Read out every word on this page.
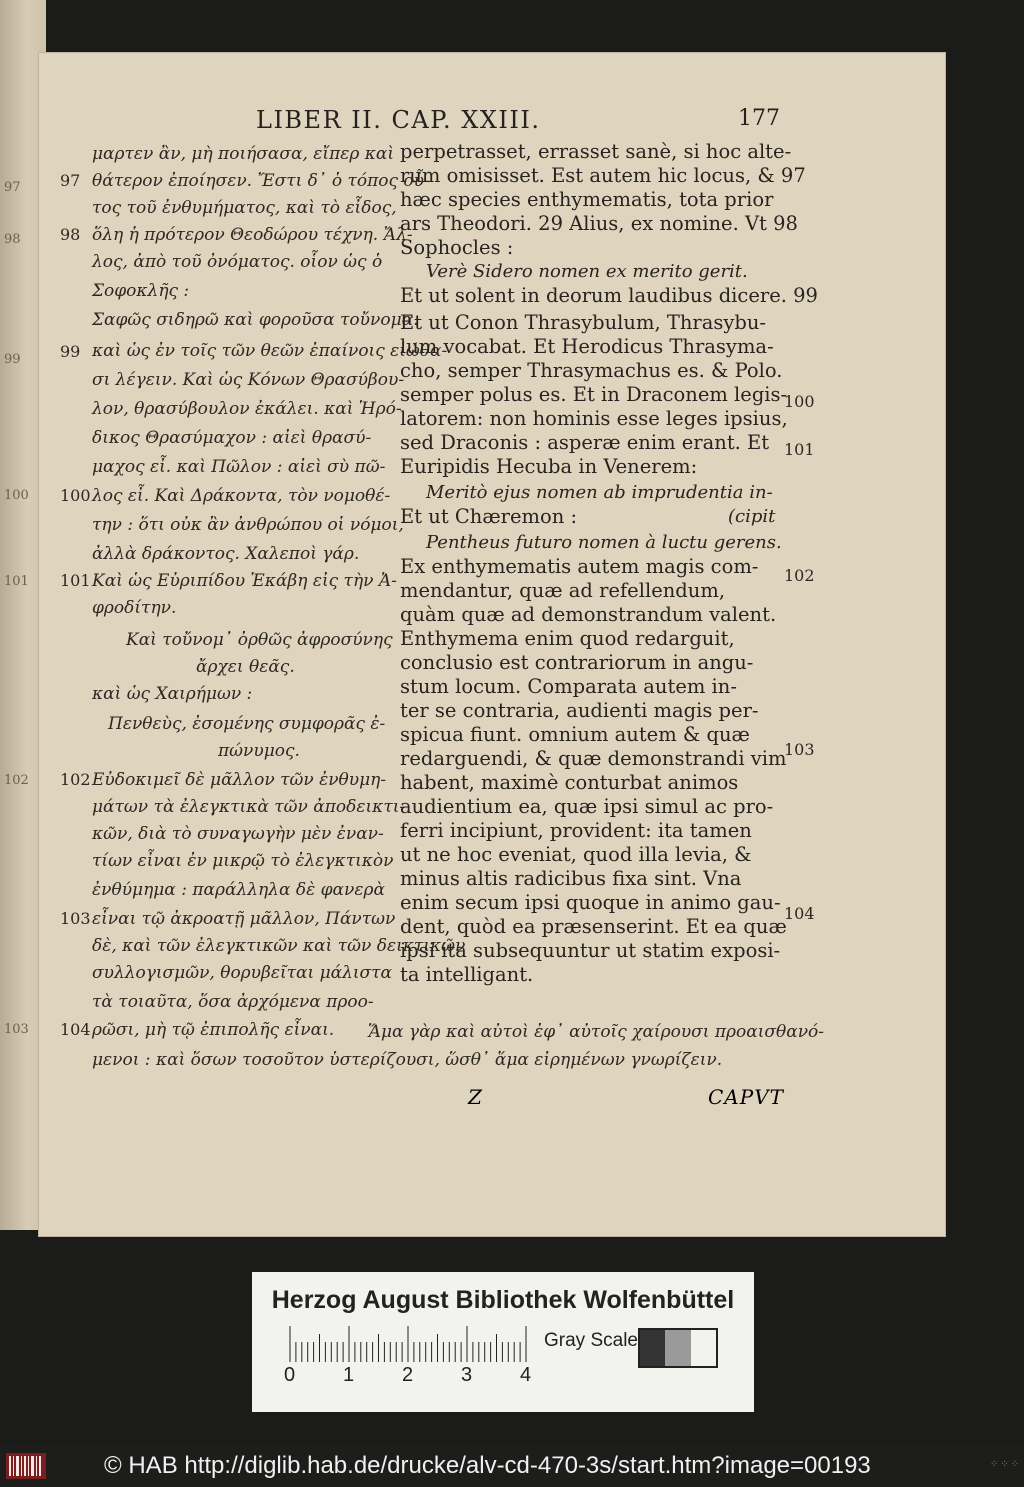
97
98
99
100
101
102
103
LIBER II. CAP. XXIII.	177
μαρτεν ἂν, μὴ ποιήσασα, εἴπερ καὶ
θάτερον ἐποίησεν. Ἔστι δ᾽ ὁ τόπος οὗ-
τος τοῦ ἐνθυμήματος, καὶ τὸ εἶδος,
ὅλη ἡ πρότερον Θεοδώρου τέχνη. Ἄλ-
λος, ἀπὸ τοῦ ὀνόματος. οἷον ὡς ὁ
Σοφοκλῆς :
Σαφῶς σιδηρῶ καὶ φοροῦσα τοὔνομα.
καὶ ὡς ἐν τοῖς τῶν θεῶν ἐπαίνοις εἰώθα-
σι λέγειν. Καὶ ὡς Κόνων Θρασύβου-
λον, θρασύβουλον ἐκάλει. καὶ Ἡρό-
δικος Θρασύμαχον : αἰεὶ θρασύ-
μαχος εἶ. καὶ Πῶλον : αἰεὶ σὺ πῶ-
λος εἶ. Καὶ Δράκοντα, τὸν νομοθέ-
την : ὅτι οὐκ ἂν ἀνθρώπου οἱ νόμοι,
ἀλλὰ δράκοντος. Χαλεποὶ γάρ.
Καὶ ὡς Εὐριπίδου Ἑκάβη εἰς τὴν Ἀ-
φροδίτην.
Καὶ τοὔνομ᾽ ὀρθῶς ἀφροσύνης
ἄρχει θεᾶς.
καὶ ὡς Χαιρήμων :
Πενθεὺς, ἐσομένης συμφορᾶς ἐ-
πώνυμος.
Εὐδοκιμεῖ δὲ μᾶλλον τῶν ἐνθυμη-
μάτων τὰ ἐλεγκτικὰ τῶν ἀποδεικτι-
κῶν, διὰ τὸ συναγωγὴν μὲν ἐναν-
τίων εἶναι ἐν μικρῷ τὸ ἐλεγκτικὸν
ἐνθύμημα : παράλληλα δὲ φανερὰ
εἶναι τῷ ἀκροατῇ μᾶλλον, Πάντων
δὲ, καὶ τῶν ἐλεγκτικῶν καὶ τῶν δεικτικῶν
συλλογισμῶν, θορυβεῖται μάλιστα
τὰ τοιαῦτα, ὅσα ἀρχόμενα προο-
ρῶσι, μὴ τῷ ἐπιπολῆς εἶναι.
97
98
99
100
101
102
103
104
perpetrasset, errasset sanè, si hoc alte-
rum omisisset. Est autem hic locus, & 97
hæc species enthymematis, tota prior
ars Theodori. 29 Alius, ex nomine. Vt 98
Sophocles :
Verè Sidero nomen ex merito gerit.
Et ut solent in deorum laudibus dicere. 99
Et ut Conon Thrasybulum, Thrasybu-
lum vocabat. Et Herodicus Thrasyma-
cho, semper Thrasymachus es. & Polo.
semper polus es. Et in Draconem legis-
latorem: non hominis esse leges ipsius,
sed Draconis : asperæ enim erant. Et
Euripidis Hecuba in Venerem:
Meritò ejus nomen ab imprudentia in-
Et ut Chæremon :	(cipit
Pentheus futuro nomen à luctu gerens.
Ex enthymematis autem magis com-
mendantur, quæ ad refellendum,
quàm quæ ad demonstrandum valent.
Enthymema enim quod redarguit,
conclusio est contrariorum in angu-
stum locum. Comparata autem in-
ter se contraria, audienti magis per-
spicua fiunt. omnium autem & quæ
redarguendi, & quæ demonstrandi vim
habent, maximè conturbat animos
audientium ea, quæ ipsi simul ac pro-
ferri incipiunt, provident: ita tamen
ut ne hoc eveniat, quod illa levia, &
minus altis radicibus fixa sint. Vna
enim secum ipsi quoque in animo gau-
dent, quòd ea præsenserint. Et ea quæ
ipsi ita subsequuntur ut statim exposi-
ta intelligant.
100
101
102
103
104
Ἅμα γὰρ καὶ αὐτοὶ ἐφ᾽ αὐτοῖς χαίρουσι προαισθανό-
μενοι : καὶ ὅσων τοσοῦτον ὑστερίζουσι, ὥσθ᾽ ἅμα εἰρημένων γνωρίζειν.
Z	CAPVT
Herzog August Bibliothek Wolfenbüttel
0 1 2 3 4
Gray Scale
© HAB http://diglib.hab.de/drucke/alv-cd-470-3s/start.htm?image=00193	⁘⁘⁘
